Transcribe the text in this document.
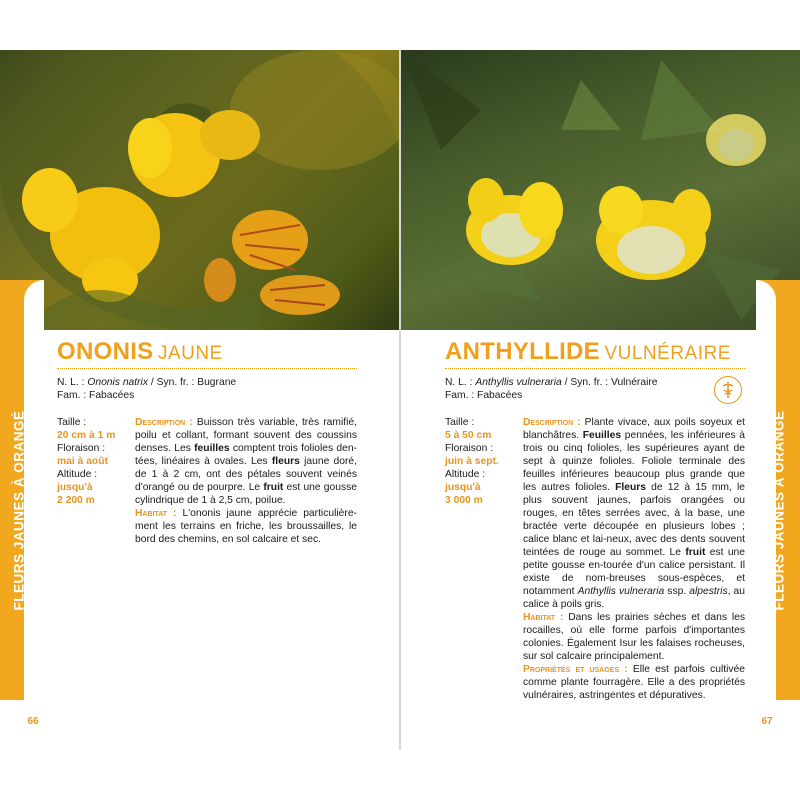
FLEURS JAUNES À ORANGÉ	FLEURS JAUNES À ORANGÉ
66	67
ONONIS JAUNE
N. L. : Ononis natrix / Syn. fr. : Bugrane
Fam. : Fabacées
Taille :
20 cm à 1 m
Floraison :
mai à août
Altitude :
jusqu'à
2 200 m
Description : Buisson très variable, très ramifié, poilu et collant, formant souvent des coussins denses. Les feuilles comptent trois folioles den-tées, linéaires à ovales. Les fleurs jaune doré, de 1 à 2 cm, ont des pétales souvent veinés d'orangé ou de pourpre. Le fruit est une gousse cylindrique de 1 à 2,5 cm, poilue.
Habitat : L'ononis jaune apprécie particulière-ment les terrains en friche, les broussailles, le bord des chemins, en sol calcaire et sec.
ANTHYLLIDE VULNÉRAIRE
N. L. : Anthyllis vulneraria / Syn. fr. : Vulnéraire
Fam. : Fabacées
Taille :
5 à 50 cm
Floraison :
juin à sept.
Altitude :
jusqu'à
3 000 m
Description : Plante vivace, aux poils soyeux et blanchâtres. Feuilles pennées, les inférieures à trois ou cinq folioles, les supérieures ayant de sept à quinze folioles. Foliole terminale des feuilles inférieures beaucoup plus grande que les autres folioles. Fleurs de 12 à 15 mm, le plus souvent jaunes, parfois orangées ou rouges, en têtes serrées avec, à la base, une bractée verte découpée en plusieurs lobes ; calice blanc et lai-neux, avec des dents souvent teintées de rouge au sommet. Le fruit est une petite gousse en-tourée d'un calice persistant. Il existe de nom-breuses sous-espèces, et notamment Anthyllis vulneraria ssp. alpestris, au calice à poils gris.
Habitat : Dans les prairies sèches et dans les rocailles, où elle forme parfois d'importantes colonies. Également Isur les falaises rocheuses, sur sol calcaire principalement.
Propriétés et usages : Elle est parfois cultivée comme plante fourragère. Elle a des propriétés vulnéraires, astringentes et dépuratives.
